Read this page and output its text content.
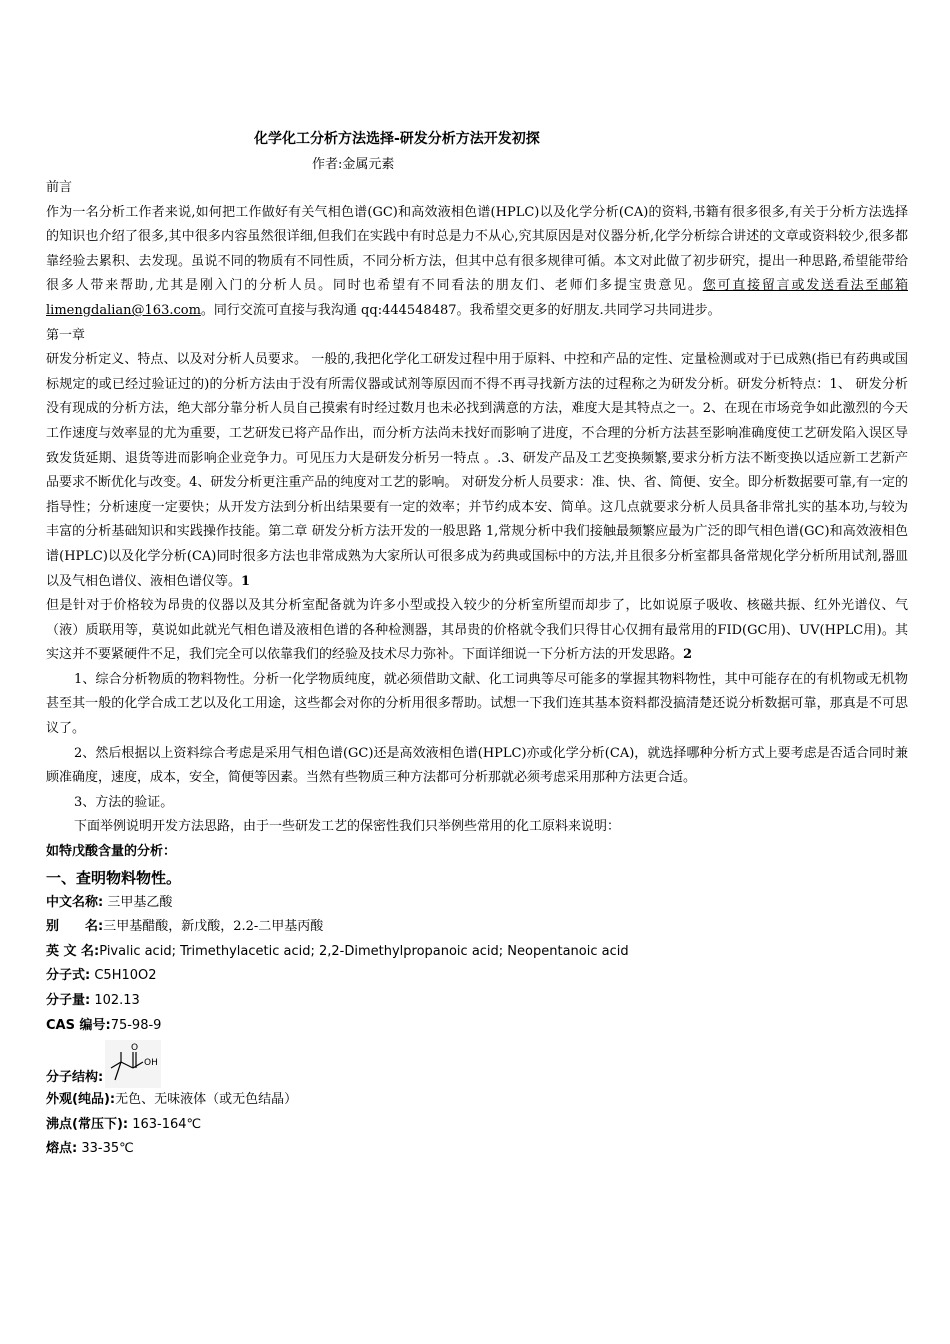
化学化工分析方法选择-研发分析方法开发初探
作者:金属元素

前言

作为一名分析工作者来说,如何把工作做好有关气相色谱(GC)和高效液相色谱(HPLC)以及化学分析(CA)的资料,书籍有很多很多,有关于分析方法选择的知识也介绍了很多,其中很多内容虽然很详细,但我们在实践中有时总是力不从心,究其原因是对仪器分析,化学分析综合讲述的文章或资料较少,很多都靠经验去累积、去发现。虽说不同的物质有不同性质，不同分析方法，但其中总有很多规律可循。本文对此做了初步研究，提出一种思路,希望能带给很多人带来帮助,尤其是刚入门的分析人员。同时也希望有不同看法的朋友们、老师们多提宝贵意见。您可直接留言或发送看法至邮箱 limengdalian@163.com。同行交流可直接与我沟通 qq:444548487。我希望交更多的好朋友.共同学习共同进步。

第一章

研发分析定义、特点、以及对分析人员要求。 一般的,我把化学化工研发过程中用于原料、中控和产品的定性、定量检测或对于已成熟(指已有药典或国标规定的或已经过验证过的)的分析方法由于没有所需仪器或试剂等原因而不得不再寻找新方法的过程称之为研发分析。研发分析特点：1、 研发分析没有现成的分析方法，绝大部分靠分析人员自己摸索有时经过数月也未必找到满意的方法，难度大是其特点之一。2、在现在市场竞争如此激烈的今天工作速度与效率显的尤为重要，工艺研发已将产品作出，而分析方法尚未找好而影响了进度，不合理的分析方法甚至影响准确度使工艺研发陷入误区导致发货延期、退货等进而影响企业竞争力。可见压力大是研发分析另一特点 。.3、研发产品及工艺变换频繁,要求分析方法不断变换以适应新工艺新产品要求不断优化与改变。4、研发分析更注重产品的纯度对工艺的影响。 对研发分析人员要求：准、快、省、简便、安全。即分析数据要可靠,有一定的指导性；分析速度一定要快；从开发方法到分析出结果要有一定的效率；并节约成本安、简单。这几点就要求分析人员具备非常扎实的基本功,与较为丰富的分析基础知识和实践操作技能。第二章 研发分析方法开发的一般思路 1,常规分析中我们接触最频繁应最为广泛的即气相色谱(GC)和高效液相色谱(HPLC)以及化学分析(CA)同时很多方法也非常成熟为大家所认可很多成为药典或国标中的方法,并且很多分析室都具备常规化学分析所用试剂,器皿以及气相色谱仪、液相色谱仪等。1

但是针对于价格较为昂贵的仪器以及其分析室配备就为许多小型或投入较少的分析室所望而却步了，比如说原子吸收、核磁共振、红外光谱仪、气（液）质联用等，莫说如此就光气相色谱及液相色谱的各种检测器，其昂贵的价格就令我们只得甘心仅拥有最常用的FID(GC用)、UV(HPLC用)。其实这并不要紧硬件不足，我们完全可以依靠我们的经验及技术尽力弥补。下面详细说一下分析方法的开发思路。2

1、综合分析物质的物料物性。分析一化学物质纯度，就必须借助文献、化工词典等尽可能多的掌握其物料物性，其中可能存在的有机物或无机物甚至其一般的化学合成工艺以及化工用途，这些都会对你的分析用很多帮助。试想一下我们连其基本资料都没搞清楚还说分析数据可靠，那真是不可思议了。

2、然后根据以上资料综合考虑是采用气相色谱(GC)还是高效液相色谱(HPLC)亦或化学分析(CA)，就选择哪种分析方式上要考虑是否适合同时兼顾准确度，速度，成本，安全，简便等因素。当然有些物质三种方法都可分析那就必须考虑采用那种方法更合适。

3、方法的验证。

下面举例说明开发方法思路，由于一些研发工艺的保密性我们只举例些常用的化工原料来说明：

如特戊酸含量的分析：

一、查明物料物性。

中文名称: 三甲基乙酸
别　　名:三甲基醋酸，新戊酸，2.2-二甲基丙酸
英 文 名:Pivalic acid; Trimethylacetic acid; 2,2-Dimethylpropanoic acid; Neopentanoic acid
分子式: C5H10O2
分子量: 102.13
CAS 编号:75-98-9
分子结构:
O
OH
外观(纯品):无色、无味液体（或无色结晶）
沸点(常压下): 163-164℃
熔点: 33-35℃
